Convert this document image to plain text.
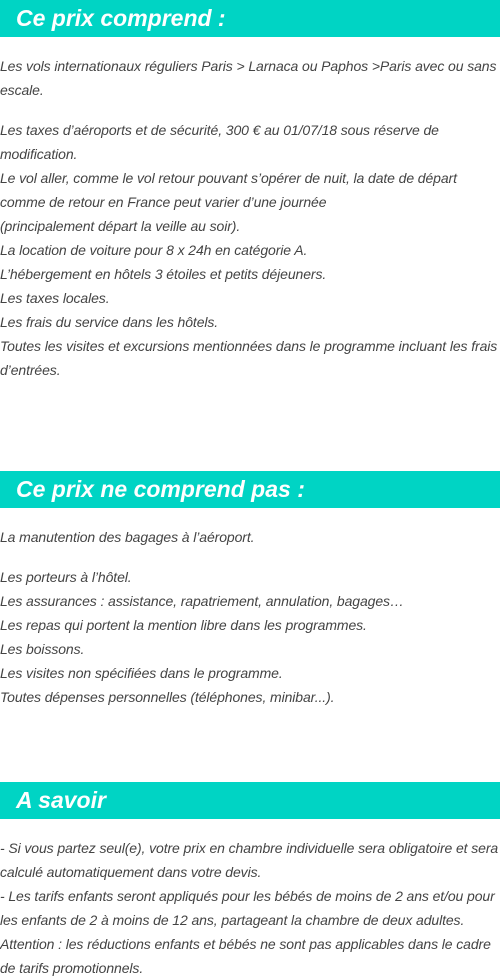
Ce prix comprend :

Les vols internationaux réguliers Paris > Larnaca ou Paphos >Paris avec ou sans escale.

Les taxes d’aéroports et de sécurité, 300 € au 01/07/18 sous réserve de modification.

Le vol aller, comme le vol retour pouvant s’opérer de nuit, la date de départ comme de retour en France peut varier d’une journée

(principalement départ la veille au soir).

La location de voiture pour 8 x 24h en catégorie A.

L’hébergement en hôtels 3 étoiles et petits déjeuners.

Les taxes locales.

Les frais du service dans les hôtels.

Toutes les visites et excursions mentionnées dans le programme incluant les frais d’entrées.

Ce prix ne comprend pas :

La manutention des bagages à l’aéroport.

Les porteurs à l’hôtel.

Les assurances : assistance, rapatriement, annulation, bagages…

Les repas qui portent la mention libre dans les programmes.

Les boissons.

Les visites non spécifiées dans le programme.

Toutes dépenses personnelles (téléphones, minibar...).

A savoir

- Si vous partez seul(e), votre prix en chambre individuelle sera obligatoire et sera calculé automatiquement dans votre devis.

- Les tarifs enfants seront appliqués pour les bébés de moins de 2 ans et/ou pour les enfants de 2 à moins de 12 ans, partageant la chambre de deux adultes.

Attention : les réductions enfants et bébés ne sont pas applicables dans le cadre de tarifs promotionnels.
